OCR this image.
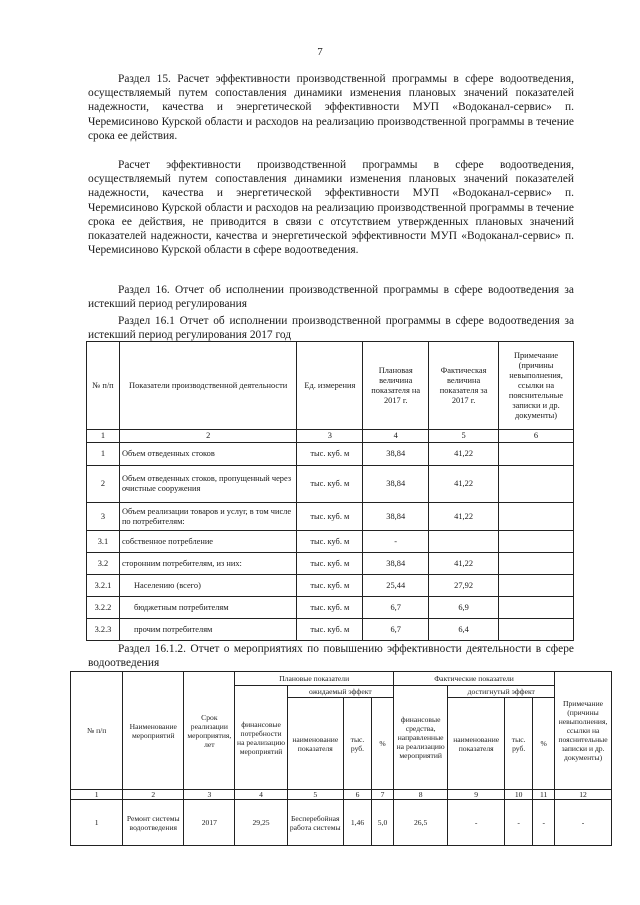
7
Раздел 15. Расчет эффективности производственной программы в сфере водоотведения, осуществляемый путем сопоставления динамики изменения плановых значений показателей надежности, качества и энергетической эффективности МУП «Водоканал-сервис» п. Черемисиново Курской области и расходов на реализацию производственной программы в течение срока ее действия.
Расчет эффективности производственной программы в сфере водоотведения, осуществляемый путем сопоставления динамики изменения плановых значений показателей надежности, качества и энергетической эффективности МУП «Водоканал-сервис» п. Черемисиново Курской области и расходов на реализацию производственной программы в течение срока ее действия, не приводится в связи с отсутствием утвержденных плановых значений показателей надежности, качества и энергетической эффективности МУП «Водоканал-сервис» п. Черемисиново Курской области в сфере водоотведения.
Раздел 16. Отчет об исполнении производственной программы в сфере водоотведения за истекший период регулирования
Раздел 16.1 Отчет об исполнении производственной программы в сфере водоотведения за истекший период регулирования 2017 год
№ п/п	Показатели производственной деятельности	Ед. измерения	Плановая величина показателя на 2017 г.	Фактическая величина показателя за 2017 г.	Примечание (причины невыполнения, ссылки на пояснительные записки и др. документы)
1	2	3	4	5	6
1	Объем отведенных стоков	тыс. куб. м	38,84	41,22	
2	Объем отведенных стоков, пропущенный через очистные сооружения	тыс. куб. м	38,84	41,22	
3	Объем реализации товаров и услуг, в том числе по потребителям:	тыс. куб. м	38,84	41,22	
3.1	собственное потребление	тыс. куб. м	-		
3.2	сторонним потребителям, из них:	тыс. куб. м	38,84	41,22	
3.2.1	Населению (всего)	тыс. куб. м	25,44	27,92	
3.2.2	бюджетным потребителям	тыс. куб. м	6,7	6,9	
3.2.3	прочим потребителям	тыс. куб. м	6,7	6,4	
Раздел 16.1.2. Отчет о мероприятиях по повышению эффективности деятельности в сфере водоотведения
№ п/п	Наименование мероприятий	Срок реализации мероприятия, лет	Плановые показатели				Фактические показатели				Примечание (причины невыполнения, ссылки на пояснительные записки и др. документы)
			финансовые потребности на реализацию мероприятий	ожидаемый эффект			финансовые средства, направленные на реализацию мероприятий	достигнутый эффект			
				наименование показателя	тыс. руб.	%		наименование показателя	тыс. руб.	%	
1	2	3	4	5	6	7	8	9	10	11	12
1	Ремонт системы водоотведения	2017	29,25	Бесперебойная работа системы	1,46	5,0	26,5	-	-	-	-
